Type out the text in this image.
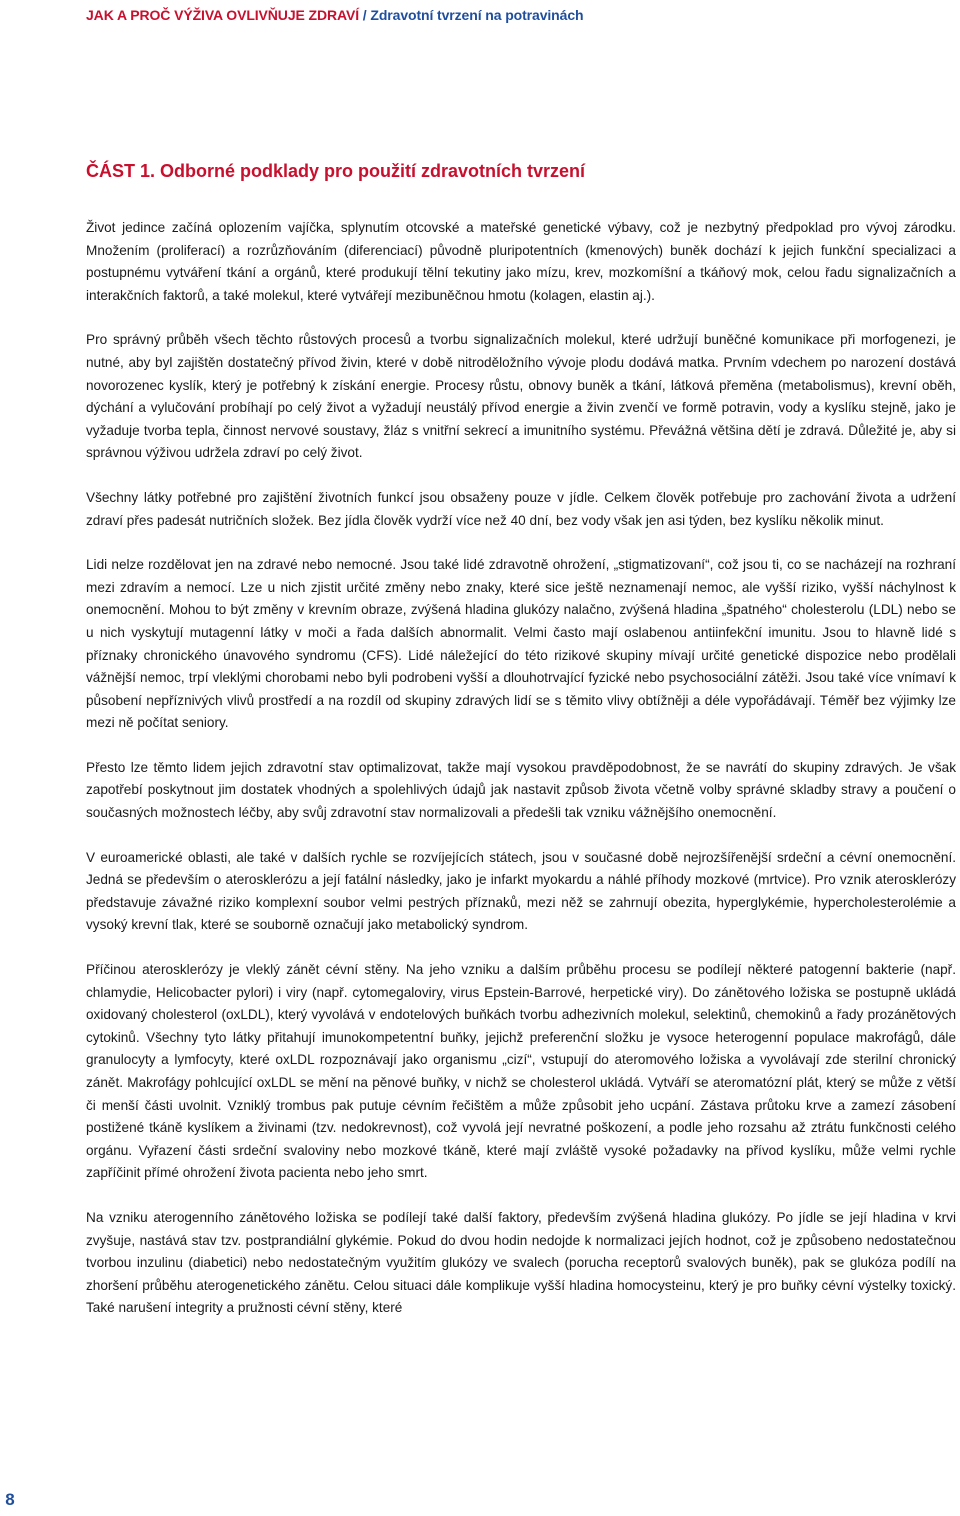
JAK A PROČ VÝŽIVA OVLIVŇUJE ZDRAVÍ / Zdravotní tvrzení na potravinách
ČÁST 1. Odborné podklady pro použití zdravotních tvrzení

Život jedince začíná oplozením vajíčka, splynutím otcovské a mateřské genetické výbavy, což je nezbytný předpoklad pro vývoj zárodku. Množením (proliferací) a rozrůzňováním (diferenciací) původně pluripotentních (kmenových) buněk dochází k jejich funkční specializaci a postupnému vytváření tkání a orgánů, které produkují tělní tekutiny jako mízu, krev, mozkomíšní a tkáňový mok, celou řadu signalizačních a interakčních faktorů, a také molekul, které vytvářejí mezibuněčnou hmotu (kolagen, elastin aj.).

Pro správný průběh všech těchto růstových procesů a tvorbu signalizačních molekul, které udržují buněčné komunikace při morfogenezi, je nutné, aby byl zajištěn dostatečný přívod živin, které v době nitroděložního vývoje plodu dodává matka. Prvním vdechem po narození dostává novorozenec kyslík, který je potřebný k získání energie. Procesy růstu, obnovy buněk a tkání, látková přeměna (metabolismus), krevní oběh, dýchání a vylučování probíhají po celý život a vyžadují neustálý přívod energie a živin zvenčí ve formě potravin, vody a kyslíku stejně, jako je vyžaduje tvorba tepla, činnost nervové soustavy, žláz s vnitřní sekrecí a imunitního systému. Převážná většina dětí je zdravá. Důležité je, aby si správnou výživou udržela zdraví po celý život.

Všechny látky potřebné pro zajištění životních funkcí jsou obsaženy pouze v jídle. Celkem člověk potřebuje pro zachování života a udržení zdraví přes padesát nutričních složek. Bez jídla člověk vydrží více než 40 dní, bez vody však jen asi týden, bez kyslíku několik minut.

Lidi nelze rozdělovat jen na zdravé nebo nemocné. Jsou také lidé zdravotně ohrožení, „stigmatizovaní“, což jsou ti, co se nacházejí na rozhraní mezi zdravím a nemocí. Lze u nich zjistit určité změny nebo znaky, které sice ještě neznamenají nemoc, ale vyšší riziko, vyšší náchylnost k onemocnění. Mohou to být změny v krevním obraze, zvýšená hladina glukózy nalačno, zvýšená hladina „špatného“ cholesterolu (LDL) nebo se u nich vyskytují mutagenní látky v moči a řada dalších abnormalit. Velmi často mají oslabenou antiinfekční imunitu. Jsou to hlavně lidé s příznaky chronického únavového syndromu (CFS). Lidé náležející do této rizikové skupiny mívají určité genetické dispozice nebo prodělali vážnější nemoc, trpí vleklými chorobami nebo byli podrobeni vyšší a dlouhotrvající fyzické nebo psychosociální zátěži. Jsou také více vnímaví k působení nepříznivých vlivů prostředí a na rozdíl od skupiny zdravých lidí se s těmito vlivy obtížněji a déle vypořádávají. Téměř bez výjimky lze mezi ně počítat seniory.

Přesto lze těmto lidem jejich zdravotní stav optimalizovat, takže mají vysokou pravděpodobnost, že se navrátí do skupiny zdravých. Je však zapotřebí poskytnout jim dostatek vhodných a spolehlivých údajů jak nastavit způsob života včetně volby správné skladby stravy a poučení o současných možnostech léčby, aby svůj zdravotní stav normalizovali a předešli tak vzniku vážnějšího onemocnění.

V euroamerické oblasti, ale také v dalších rychle se rozvíjejících státech, jsou v současné době nejrozšířenější srdeční a cévní onemocnění. Jedná se především o aterosklerózu a její fatální následky, jako je infarkt myokardu a náhlé příhody mozkové (mrtvice). Pro vznik aterosklerózy představuje závažné riziko komplexní soubor velmi pestrých příznaků, mezi něž se zahrnují obezita, hyperglykémie, hypercholesterolémie a vysoký krevní tlak, které se souborně označují jako metabolický syndrom.

Příčinou aterosklerózy je vleklý zánět cévní stěny. Na jeho vzniku a dalším průběhu procesu se podílejí některé patogenní bakterie (např. chlamydie, Helicobacter pylori) i viry (např. cytomegaloviry, virus Epstein-Barrové, herpetické viry). Do zánětového ložiska se postupně ukládá oxidovaný cholesterol (oxLDL), který vyvolává v endotelových buňkách tvorbu adhezivních molekul, selektinů, chemokinů a řady prozánětových cytokinů. Všechny tyto látky přitahují imunokompetentní buňky, jejichž preferenční složku je vysoce heterogenní populace makrofágů, dále granulocyty a lymfocyty, které oxLDL rozpoznávají jako organismu „cizí“, vstupují do ateromového ložiska a vyvolávají zde sterilní chronický zánět. Makrofágy pohlcující oxLDL se mění na pěnové buňky, v nichž se cholesterol ukládá. Vytváří se ateromatózní plát, který se může z větší či menší části uvolnit. Vzniklý trombus pak putuje cévním řečištěm a může způsobit jeho ucpání. Zástava průtoku krve a zamezí zásobení postižené tkáně kyslíkem a živinami (tzv. nedokrevnost), což vyvolá její nevratné poškození, a podle jeho rozsahu až ztrátu funkčnosti celého orgánu. Vyřazení části srdeční svaloviny nebo mozkové tkáně, které mají zvláště vysoké požadavky na přívod kyslíku, může velmi rychle zapříčinit přímé ohrožení života pacienta nebo jeho smrt.

Na vzniku aterogenního zánětového ložiska se podílejí také další faktory, především zvýšená hladina glukózy. Po jídle se její hladina v krvi zvyšuje, nastává stav tzv. postprandiální glykémie. Pokud do dvou hodin nedojde k normalizaci jejích hodnot, což je způsobeno nedostatečnou tvorbou inzulinu (diabetici) nebo nedostatečným využitím glukózy ve svalech (porucha receptorů svalových buněk), pak se glukóza podílí na zhoršení průběhu aterogenetického zánětu. Celou situaci dále komplikuje vyšší hladina homocysteinu, který je pro buňky cévní výstelky toxický. Také narušení integrity a pružnosti cévní stěny, které

8
